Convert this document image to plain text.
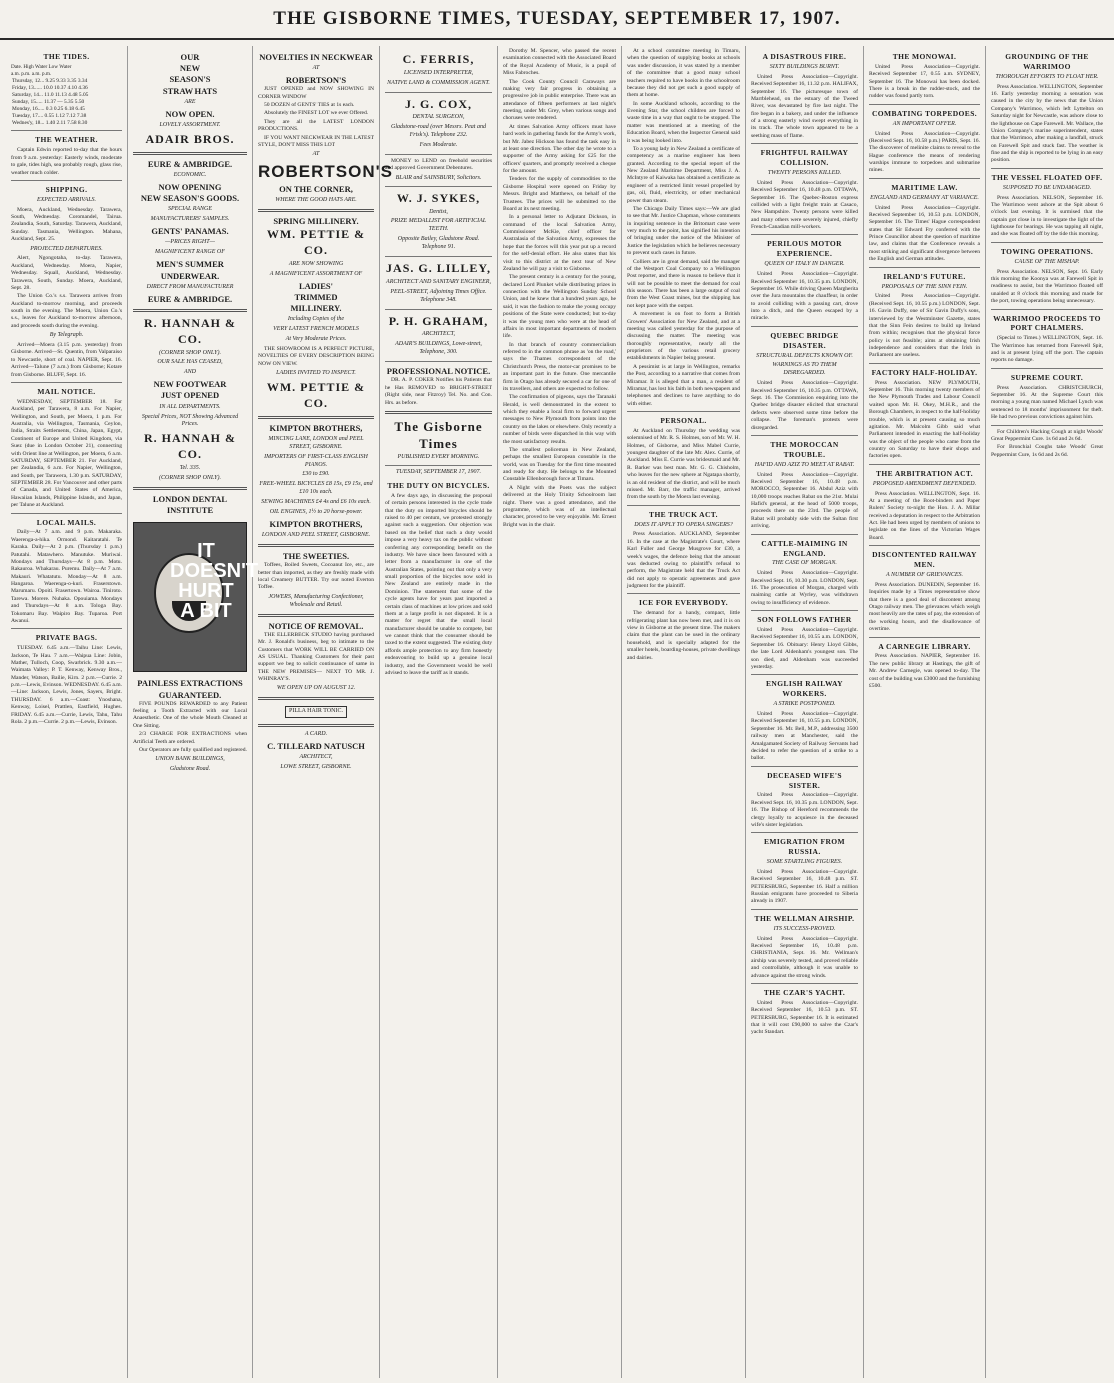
THE GISBORNE TIMES, TUESDAY, SEPTEMBER 17, 1907.
THE TIDES.
Date. High Water Low Water
a.m. p.m. a.m. p.m.
Thursday, 12... 9.25 9.33 3.35 3.34
Friday, 13...... 10.0 10.37 4.10 4.36
Saturday, 14... 11.0 11.13 4.48 5.05
Sunday, 15..... 11.37 — 5.35 5.50
Monday, 16..... 0.3 0.25 6.18 6.45
Tuesday, 17.... 0.55 1.12 7.12 7.38
Wednes'y, 18... 1.40 2.11 7.58 8.30
THE WEATHER.

Captain Edwin reported to-day that the hours from 9 a.m. yesterday: Easterly winds, moderate to gale, tides high, sea probably rough, glass rise, weather much colder.

SHIPPING.
EXPECTED ARRIVALS.

Moera, Auckland, Wednesday. Tarawera, South, Wednesday. Coromandel, Tairua. Zealandia, South, Saturday. Tarawera, Auckland, Sunday. Tasmania, Wellington. Mahana, Auckland, Sept. 25.

PROJECTED DEPARTURES.

Alert, Ngongotaha, to-day. Tarawera, Auckland, Wednesday. Moera, Napier, Wednesday. Squall, Auckland, Wednesday. Tarawera, South, Sunday. Moera, Auckland, Sept. 28.

The Union Co.'s s.s. Tarawera arrives from Auckland to-morrow morning, and proceeds south in the evening. The Moera, Union Co.'s s.s., leaves for Auckland to-morrow afternoon, and proceeds south during the evening.

By Telegraph.

Arrived—Moera (3.15 p.m. yesterday) from Gisborne. Arrived—St. Quentin, from Valparaiso to Newcastle, short of coal. NAPIER, Sept. 16. Arrived—Talune (7 a.m.) from Gisborne; Kotare from Gisborne. BLUFF, Sept. 16.

MAIL NOTICE.

WEDNESDAY, SEPTEMBER 18. For Auckland, per Tarawera, 8 a.m. For Napier, Wellington, and South, per Moera, 1 p.m. For Australia, via Wellington, Tasmania, Ceylon, India, Straits Settlements, China, Japan, Egypt, Continent of Europe and United Kingdom, via Suez (due in London October 21), connecting with Orient line at Wellington, per Moera, 6 a.m. SATURDAY, SEPTEMBER 21. For Auckland, per Zealandia, 6 a.m. For Napier, Wellington, and South, per Tarawera, 1.30 p.m. SATURDAY, SEPTEMBER 28. For Vancouver and other parts of Canada, and United States of America, Hawaiian Islands, Philippine Islands, and Japan, per Talune at Auckland.

LOCAL MAILS.

Daily—At 7 a.m. and 9 p.m. Makaraka. Waerenga-a-hika. Ormond. Kaitaratahi. Te Karaka. Daily—At 2 p.m. (Thursday 1 p.m.) Patutahi. Matawhero. Manutuke. Muriwai. Mondays and Thursdays—At 8 p.m. Motu. Rakauroa. Whakarau. Puremu. Daily—At 7 a.m. Makauri. Whatatutu. Monday—At 8 a.m. Hangaroa. Waerenga-o-kuri. Fraserstown. Marumaru. Opoiti. Frasertown. Wairoa. Tiniroto. Tarewa. Morere. Nuhaka. Opouiama. Mondays and Thursdays—At 8 a.m. Tologa Bay. Tokomaru Bay. Waipiro Bay. Tuparoa. Port Awanui.

PRIVATE BAGS.

TUESDAY. 6.45 a.m.—Taihu Line: Lewis, Jackson, Te Hau. 7 a.m.—Waipua Line: Jobin, Mather, Tulloch, Coop, Swarbrick. 9.30 a.m.—Waimata Valley: P. T. Kenway, Kenway Bros., Mander, Watson, Bailie, Kirn. 2 p.m.—Currie. 2 p.m.—Lewis, Evinson. WEDNESDAY. 6.45 a.m.—Line: Jackson, Lewis, Jones, Sayers, Bright. THURSDAY. 6 a.m.—Coast: Ynoshana, Kenway, Loisel, Prattlen, Eastfield, Hughes. FRIDAY. 6.45 a.m.—Currie, Lewis, Tahu, Tahu Rola. 2 p.m.—Currie. 2 p.m.—Lewis, Evinson.

OUR
NEW
SEASON'S
STRAW HATS
ARE
NOW OPEN.
LOVELY ASSORTMENT.
ADAIR BROS.
EURE & AMBRIDGE.
ECONOMIC.
NOW OPENING
NEW SEASON'S GOODS.
SPECIAL RANGE
MANUFACTURERS' SAMPLES.
GENTS' PANAMAS.
—PRICES RIGHT—
MAGNIFICENT RANGE OF
MEN'S SUMMER
UNDERWEAR.
DIRECT FROM MANUFACTURER
EURE & AMBRIDGE.
R. HANNAH & CO.
(CORNER SHOP ONLY).
OUR SALE HAS CEASED,
AND
NEW FOOTWEAR
JUST OPENED
IN ALL DEPARTMENTS.
Special Prices, NOT Showing Advanced Prices.
R. HANNAH & CO.
Tel. 335.
(CORNER SHOP ONLY).
LONDON DENTAL INSTITUTE
IT DOESN'T HURT A BIT
PAINLESS EXTRACTIONS
GUARANTEED.

FIVE POUNDS REWARDED to any Patient feeling a Tooth Extracted with our Local Anaesthetic. One of the whole Mouth Cleaned at One Sitting.

2/3 CHARGE FOR EXTRACTIONS when Artificial Teeth are ordered.

Our Operators are fully qualified and registered.

UNION BANK BUILDINGS,
Gladstone Road.
NOVELTIES IN NECKWEAR
AT
ROBERTSON'S

JUST OPENED and NOW SHOWING IN CORNER WINDOW

50 DOZEN of GENTS' TIES at 1s each.

Absolutely the FINEST LOT we ever Offered.

They are all the LATEST LONDON PRODUCTIONS.

IF YOU WANT NECKWEAR IN THE LATEST STYLE, DON'T MISS THIS LOT

AT
ROBERTSON'S
ON THE CORNER,
WHERE THE GOOD HATS ARE.
SPRING MILLINERY.
WM. PETTIE & CO.
ARE NOW SHOWING
A MAGNIFICENT ASSORTMENT OF
LADIES'
TRIMMED
MILLINERY.
Including Copies of the
VERY LATEST FRENCH MODELS
At Very Moderate Prices.

THE SHOWROOM IS A PERFECT PICTURE, NOVELTIES OF EVERY DESCRIPTION BEING NOW ON VIEW.

LADIES INVITED TO INSPECT.
WM. PETTIE & CO.
KIMPTON BROTHERS,
MINCING LANE, LONDON and PEEL STREET, GISBORNE.
IMPORTERS OF FIRST-CLASS ENGLISH PIANOS.
£30 to £90.
FREE-WHEEL BICYCLES £8 15s, £9 15s, and £10 10s each.
SEWING MACHINES £4 4s and £6 10s each.
OIL ENGINES, 1½ to 20 horse-power.
KIMPTON BROTHERS,
LONDON AND PEEL STREET, GISBORNE.
THE SWEETIES.

Toffees, Boiled Sweets, Cocoanut Ice, etc., are better than imported, as they are freshly made with local Creamery BUTTER. Try our noted Everton Toffee.

JOWERS, Manufacturing Confectioner, Wholesale and Retail.
NOTICE OF REMOVAL.

THE ELLERBECK STUDIO having purchased Mr. J. Ronald's business, beg to intimate to the Customers that WORK WILL BE CARRIED ON AS USUAL. Thanking Customers for their past support we beg to solicit continuance of same in THE NEW PREMISES— NEXT TO MR. J. WHINRAY'S.

WE OPEN UP ON AUGUST 12.
PILLA HAIR TONIC.
A CARD.
C. TILLEARD NATUSCH
ARCHITECT,
LOWE STREET, GISBORNE.
C. FERRIS,
LICENSED INTERPRETER,
NATIVE LAND & COMMISSION AGENT.
J. G. COX,
DENTAL SURGEON,
Gladstone-road (over Messrs. Peat and Frisk's). Telephone 232.
Fees Moderate.

MONEY to LEND on freehold securities and approved Government Debentures.

BLAIR and SAINSBURY, Solicitors.
W. J. SYKES,
Dentist,
PRIZE MEDALLIST FOR ARTIFICIAL TEETH.
Opposite Bailey, Gladstone Road. Telephone 91.
JAS. G. LILLEY,
ARCHITECT AND SANITARY ENGINEER,
PEEL-STREET, Adjoining Times Office. Telephone 348.
P. H. GRAHAM,
ARCHITECT,
ADAIR'S BUILDINGS, Lowe-street, Telephone, 300.
PROFESSIONAL NOTICE.

DR. A. P. COKER Notifies his Patients that he Has REMOVED to BRIGHT-STREET (Right side, near Fitzroy) Tel. No. and Con. Hrs. as before.

The Gisborne Times
PUBLISHED EVERY MORNING.
TUESDAY, SEPTEMBER 17, 1907.
THE DUTY ON BICYCLES.

A few days ago, in discussing the proposal of certain persons interested in the cycle trade that the duty on imported bicycles should be raised to 40 per centum, we protested strongly against such a suggestion. Our objection was based on the belief that such a duty would impose a very heavy tax on the public without conferring any corresponding benefit on the industry. We have since been favoured with a letter from a manufacturer in one of the Australian States, pointing out that only a very small proportion of the bicycles now sold in New Zealand are entirely made in the Dominion. The statement that some of the cycle agents have for years past imported a certain class of machines at low prices and sold them at a large profit is not disputed. It is a matter for regret that the small local manufacturer should be unable to compete, but we cannot think that the consumer should be taxed to the extent suggested. The existing duty affords ample protection to any firm honestly endeavouring to build up a genuine local industry, and the Government would be well advised to leave the tariff as it stands.

Dorothy M. Spencer, who passed the recent examination connected with the Associated Board of the Royal Academy of Music, is a pupil of Miss Fabroches.

The Cook County Council Caraways are making very fair progress in obtaining a progressive job in public enterprise. There was an attendance of fifteen performers at last night's meeting, under Mr. Grey, when various songs and choruses were rendered.

At times Salvation Army officers must have hard work in gathering funds for the Army's work, but Mr. Jabez Hickson has found the task easy in at least one direction. The other day he wrote to a supporter of the Army asking for £25 for the officers' quarters, and promptly received a cheque for the amount.

Tenders for the supply of commodities to the Gisborne Hospital were opened on Friday by Messrs. Bright and Matthews, on behalf of the Trustees. The prices will be submitted to the Board at its next meeting.

In a personal letter to Adjutant Dickson, in command of the local Salvation Army, Commissioner McKie, chief officer for Australasia of the Salvation Army, expresses the hope that the forces will this year put up a record for the self-denial effort. He also states that his visit to this district at the next tour of New Zealand he will pay a visit to Gisborne.

The present century is a century for the young, declared Lord Plunket while distributing prizes in connection with the Wellington Sunday School Union, and he knew that a hundred years ago, he said, it was the fashion to make the young occupy positions of the State were conducted; but to-day it was the young men who were at the head of affairs in most important departments of modern life.

In that branch of country commercialism referred to in the common phrase as 'on the road,' says the Thames correspondent of the Christchurch Press, the motor-car promises to be an important part in the future. One mercantile firm in Otago has already secured a car for one of its travellers, and others are expected to follow.

The confirmation of pigeons, says the Taranaki Herald, is well demonstrated in the extent to which they enable a local firm to forward urgent messages to New Plymouth from points into the country on the lakes or elsewhere. Only recently a number of birds were dispatched in this way with the most satisfactory results.

The smallest policeman in New Zealand, perhaps the smallest European constable in the world, was on Tuesday for the first time mounted and ready for duty. He belongs to the Mounted Constable Ellenborough force at Timaru.

A Night with the Poets was the subject delivered at the Holy Trinity Schoolroom last night. There was a good attendance, and the programme, which was of an intellectual character, proved to be very enjoyable. Mr. Ernest Bright was in the chair.

At a school committee meeting in Timaru, when the question of supplying books at schools was under discussion, it was stated by a member of the committee that a good many school teachers required to have books in the schoolroom because they did not get such a good supply of them at home.

In some Auckland schools, according to the Evening Star, the school children are forced to waste time in a way that ought to be stopped. The matter was mentioned at a meeting of the Education Board, when the Inspector General said it was being looked into.

To a young lady in New Zealand a certificate of competency as a marine engineer has been granted. According to the special report of the New Zealand Maritime Department, Miss J. A. McIntyre of Kaiwaka has obtained a certificate as engineer of a restricted limit vessel propelled by gas, oil, fluid, electricity, or other mechanical power than steam.

The Chicago Daily Times says:—We are glad to see that Mr. Justice Chapman, whose comments in inquiring sentence in the Britomart case were very much to the point, has signified his intention of bringing under the notice of the Minister of Justice the legislation which he believes necessary to prevent such cases in future.

Colliers are in great demand, said the manager of the Westport Coal Company to a Wellington Post reporter, and there is reason to believe that it will not be possible to meet the demand for coal this season. There has been a large output of coal from the West Coast mines, but the shipping has not kept pace with the output.

A movement is on foot to form a British Growers' Association for New Zealand, and at a meeting was called yesterday for the purpose of discussing the matter. The meeting was thoroughly representative, nearly all the proprietors of the various retail grocery establishments in Napier being present.

A pessimist is at large in Wellington, remarks the Post, according to a narrative that comes from Miramar. It is alleged that a man, a resident of Miramar, has lost his faith in both newspapers and telephones and declines to have anything to do with either.

PERSONAL.

At Auckland on Thursday the wedding was solemnised of Mr. R. S. Holmes, son of Mr. W. H. Holmes, of Gisborne, and Miss Mabel Currie, youngest daughter of the late Mr. Alex. Currie, of Auckland. Miss E. Currie was bridesmaid and Mr. R. Barker was best man. Mr. G. G. Chisholm, who leaves for the new sphere at Ngatapa shortly, is an old resident of the district, and will be much missed. Mr. Barr, the traffic manager, arrived from the south by the Moera last evening.

THE TRUCK ACT.
DOES IT APPLY TO OPERA SINGERS?

Press Association. AUCKLAND, September 16. In the case at the Magistrate's Court, where Karl Fuller and George Musgrove for £30, a week's wages, the defence being that the amount was deducted owing to plaintiff's refusal to perform, the Magistrate held that the Truck Act did not apply to operatic agreements and gave judgment for the plaintiff.

ICE FOR EVERYBODY.

The demand for a handy, compact, little refrigerating plant has now been met, and it is on view in Gisborne at the present time. The makers claim that the plant can be used in the ordinary household, and is specially adapted for the smaller hotels, boarding-houses, private dwellings and dairies.

A DISASTROUS FIRE.
SIXTY BUILDINGS BURNT.

United Press Association—Copyright. Received September 16, 11.32 p.m. HALIFAX, September 16. The picturesque town of Marrblehead, on the estuary of the Tweed River, was devastated by fire last night. The fire began in a bakery, and under the influence of a strong easterly wind swept everything in its track. The whole town appeared to be a seething mass of flame.

FRIGHTFUL RAILWAY COLLISION.
TWENTY PERSONS KILLED.

United Press Association—Copyright. Received September 16, 10.48 p.m. OTTAWA, September 16. The Quebec-Boston express collided with a light freight train at Casaco, New Hampshire. Twenty persons were killed and many others were severely injured, chiefly French-Canadian mill-workers.

PERILOUS MOTOR EXPERIENCE.
QUEEN OF ITALY IN DANGER.

United Press Association—Copyright. Received September 16, 10.35 p.m. LONDON, September 16. While driving Queen Margherita over the Jura mountains the chauffeur, in order to avoid colliding with a passing cart, drove into a ditch, and the Queen escaped by a miracle.

QUEBEC BRIDGE DISASTER.
STRUCTURAL DEFECTS KNOWN OF.
WARNINGS AS TO THEM DISREGARDED.

United Press Association—Copyright. Received September 16, 10.35 p.m. OTTAWA, Sept. 16. The Commission enquiring into the Quebec bridge disaster elicited that structural defects were observed some time before the collapse. The foreman's protests were disregarded.

THE MOROCCAN TROUBLE.
HAFID AND AZIZ TO MEET AT RABAT.

United Press Association—Copyright. Received September 16, 10.48 p.m. MOROCCO, September 16. Abdul Aziz with 10,000 troops reaches Rabat on the 21st. Mulai Hafid's general, at the head of 5000 troops, proceeds there on the 23rd. The people of Rabat will probably side with the Sultan first arriving.

CATTLE-MAIMING IN ENGLAND.
THE CASE OF MORGAN.

United Press Association—Copyright. Received Sept. 16, 10.30 p.m. LONDON, Sept. 16. The prosecution of Morgan, charged with maiming cattle at Wyrley, was withdrawn owing to insufficiency of evidence.

SON FOLLOWS FATHER

United Press Association—Copyright. Received September 16, 10.55 a.m. LONDON, September 16. Obituary: Henry Lloyd Gibbs, the late Lord Aldenham's youngest son. The son died, and Aldenham was succeeded yesterday.

ENGLISH RAILWAY WORKERS.
A STRIKE POSTPONED.

United Press Association—Copyright. Received September 16, 10.55 p.m. LONDON, September 16. Mr. Bell, M.P., addressing 3500 railway men at Manchester, said the Amalgamated Society of Railway Servants had decided to refer the question of a strike to a ballot.

DECEASED WIFE'S SISTER.

United Press Association—Copyright. Received Sept. 16, 10.35 p.m. LONDON, Sept. 16. The Bishop of Hereford recommends the clergy loyally to acquiesce in the deceased wife's sister legislation.

EMIGRATION FROM RUSSIA.
SOME STARTLING FIGURES.

United Press Association—Copyright. Received September 16, 10.48 p.m. ST. PETERSBURG, September 16. Half a million Russian emigrants have proceeded to Siberia already in 1907.

THE WELLMAN AIRSHIP.
ITS SUCCESS-PROVED.

United Press Association—Copyright. Received September 16, 10.48 p.m. CHRISTIANIA, Sept. 16. Mr. Wellman's airship was severely tested, and proved reliable and controllable, although it was unable to advance against the strong winds.

THE CZAR'S YACHT.

United Press Association—Copyright. Received September 16, 10.53 p.m. ST. PETERSBURG, September 16. It is estimated that it will cost £90,000 to salve the Czar's yacht Standart.

THE MONOWAI.

United Press Association—Copyright. Received September 17, 0.55 a.m. SYDNEY, September 16. The Monowai has been docked. There is a break in the rudder-stock, and the rudder was found partly torn.

COMBATING TORPEDOES.
AN IMPORTANT OFFER.

United Press Association—Copyright. (Received Sept. 16, 10.58 p.m.) PARIS, Sept. 16. The discoverer of melinite claims to reveal to the Hague conference the means of rendering warships immune to torpedoes and submarine mines.

MARITIME LAW.
ENGLAND AND GERMANY AT VARIANCE.

United Press Association—Copyright. Received September 16, 10.53 p.m. LONDON, September 16. The Times' Hague correspondent states that Sir Edward Fry conferred with the Prince Councillor about the question of maritime law, and claims that the Conference reveals a most striking and significant divergence between the English and German attitudes.

IRELAND'S FUTURE.
PROPOSALS OF THE SINN FEIN.

United Press Association—Copyright. (Received Sept. 16, 10.55 p.m.) LONDON, Sept. 16. Gavin Duffy, one of Sir Gavin Duffy's sons, interviewed by the Westminster Gazette, states that the Sinn Fein desires to build up Ireland from within; recognises that the physical force policy is not feasible; aims at obtaining Irish independence and considers that the Irish in Parliament are useless.

FACTORY HALF-HOLIDAY.

Press Association. NEW PLYMOUTH, September 16. This morning twenty members of the New Plymouth Trades and Labour Council waited upon Mr. H. Okey, M.H.R., and the Borough Chambers, in respect to the half-holiday trouble, which is at present causing so much agitation. Mr. Malcolm Gibb said what Parliament intended in enacting the half-holiday was the object of the people who came from the country on Saturday to have their shops and factories open.

THE ARBITRATION ACT.
PROPOSED AMENDMENT DEFENDED.

Press Association. WELLINGTON, Sept. 16. At a meeting of the Boot-binders and Paper Rulers' Society to-night the Hon. J. A. Millar received a deputation in respect to the Arbitration Act. He had been urged by members of unions to legislate on the lines of the Victorian Wages Board.

DISCONTENTED RAILWAY MEN.
A NUMBER OF GRIEVANCES.

Press Association. DUNEDIN, September 16. Inquiries made by a Times representative show that there is a good deal of discontent among Otago railway men. The grievances which weigh most heavily are the rates of pay, the extension of the working hours, and the disallowance of overtime.

A CARNEGIE LIBRARY.

Press Association. NAPIER, September 16. The new public library at Hastings, the gift of Mr. Andrew Carnegie, was opened to-day. The cost of the building was £3000 and the furnishing £500.

GROUNDING OF THE WARRIMOO
THOROUGH EFFORTS TO FLOAT HER.

Press Association. WELLINGTON, September 16. Early yesterday morning a sensation was caused in the city by the news that the Union Company's Warrimoo, which left Lyttelton on Saturday night for Newcastle, was ashore close to the lighthouse on Cape Farewell. Mr. Wallace, the Union Company's marine superintendent, states that the Warrimoo, after making a landfall, struck on Farewell Spit and stuck fast. The weather is fine and the ship is reported to be lying in an easy position.

THE VESSEL FLOATED OFF.
SUPPOSED TO BE UNDAMAGED.

Press Association. NELSON, September 16. The Warrimoo went ashore at the Spit about 6 o'clock last evening. It is surmised that the captain got close in to investigate the light of the lighthouse for bearings. He was tapping all night, and she was floated off by the tide this morning.

TOWING OPERATIONS.
CAUSE OF THE MISHAP.

Press Association. NELSON, Sept. 16. Early this morning the Koonya was at Farewell Spit in readiness to assist, but the Warrimoo floated off unaided at 8 o'clock this morning and made for the port, towing operations being unnecessary.

WARRIMOO PROCEEDS TO PORT CHALMERS.

(Special to Times.) WELLINGTON, Sept. 16. The Warrimoo has returned from Farewell Spit, and is at present lying off the port. The captain reports no damage.

SUPREME COURT.

Press Association. CHRISTCHURCH, September 16. At the Supreme Court this morning a young man named Michael Lynch was sentenced to 18 months' imprisonment for theft. He had two previous convictions against him.

For Children's Hacking Cough at night Woods' Great Peppermint Cure. 1s 6d and 2s 6d.

For Bronchial Coughs take Woods' Great Peppermint Cure, 1s 6d and 2s 6d.
